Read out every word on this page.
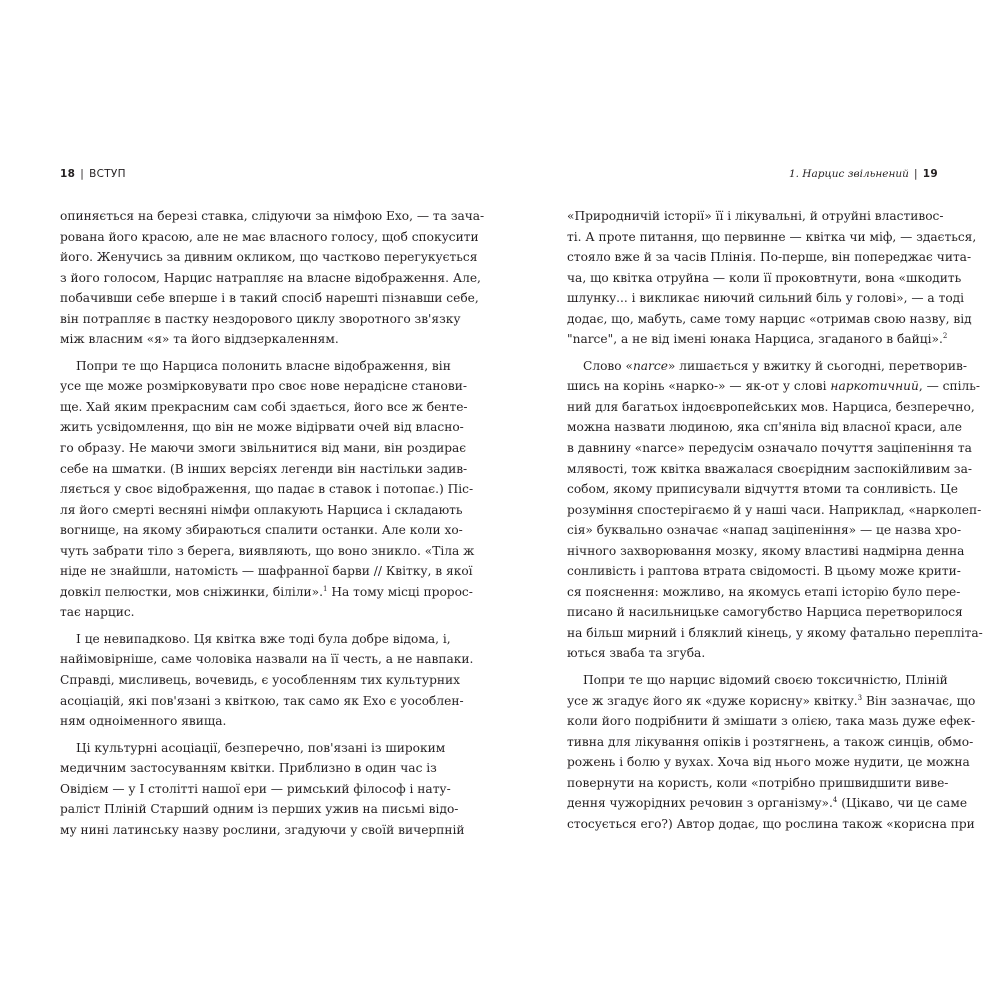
18 | ВСТУП
опиняється на березі ставка, слідуючи за німфою Ехо, — та зача-
рована його красою, але не має власного голосу, щоб спокусити
його. Женучись за дивним окликом, що частково перегукується
з його голосом, Нарцис натрапляє на власне відображення. Але,
побачивши себе вперше і в такий спосіб нарешті пізнавши себе,
він потрапляє в пастку нездорового циклу зворотного зв'язку
між власним «я» та його віддзеркаленням.
Попри те що Нарциса полонить власне відображення, він
усе ще може розмірковувати про своє нове нерадісне станови-
ще. Хай яким прекрасним сам собі здається, його все ж бенте-
жить усвідомлення, що він не може відірвати очей від власно-
го образу. Не маючи змоги звільнитися від мани, він роздирає
себе на шматки. (В інших версіях легенди він настільки задив-
ляється у своє відображення, що падає в ставок і потопає.) Піс-
ля його смерті весняні німфи оплакують Нарциса і складають
вогнище, на якому збираються спалити останки. Але коли хо-
чуть забрати тіло з берега, виявляють, що воно зникло. «Тіла ж
ніде не знайшли, натомість — шафранної барви // Квітку, в якої
довкіл пелюстки, мов сніжинки, біліли».$^1$ На тому місці пророс-
тає нарцис.
І це невипадково. Ця квітка вже тоді була добре відома, і,
найімовірніше, саме чоловіка назвали на її честь, а не навпаки.
Справді, мисливець, вочевидь, є уособленням тих культурних
асоціацій, які пов'язані з квіткою, так само як Ехо є уособлен-
ням одноіменного явища.
Ці культурні асоціації, безперечно, пов'язані із широким
медичним застосуванням квітки. Приблизно в один час із
Овідієм — у I столітті нашої ери — римський філософ і нату-
раліст Пліній Старший одним із перших ужив на письмі відо-
му нині латинську назву рослини, згадуючи у своїй вичерпній
1. Нарцис звільнений | 19
«Природничій історії» її і лікувальні, й отруйні властивос-
ті. А проте питання, що первинне — квітка чи міф, — здається,
стояло вже й за часів Плінія. По-перше, він попереджає чита-
ча, що квітка отруйна — коли її проковтнути, вона «шкодить
шлунку... і викликає ниючий сильний біль у голові», — а тоді
додає, що, мабуть, саме тому нарцис «отримав свою назву, від
"narce", а не від імені юнака Нарциса, згаданого в байці».$^2$
Слово «narce» лишається у вжитку й сьогодні, перетворив-
шись на корінь «нарко-» — як-от у слові наркотичний, — спіль-
ний для багатьох індоєвропейських мов. Нарциса, безперечно,
можна назвати людиною, яка сп'яніла від власної краси, але
в давнину «narce» передусім означало почуття заціпеніння та
млявості, тож квітка вважалася своєрідним заспокійливим за-
собом, якому приписували відчуття втоми та сонливість. Це
розуміння спостерігаємо й у наші часи. Наприклад, «нарколеп-
сія» буквально означає «напад заціпеніння» — це назва хро-
нічного захворювання мозку, якому властиві надмірна денна
сонливість і раптова втрата свідомості. В цьому може крити-
ся пояснення: можливо, на якомусь етапі історію було пере-
писано й насильницьке самогубство Нарциса перетворилося
на більш мирний і бляклий кінець, у якому фатально перепліта-
ються зваба та згуба.
Попри те що нарцис відомий своєю токсичністю, Пліній
усе ж згадує його як «дуже корисну» квітку.$^3$ Він зазначає, що
коли його подрібнити й змішати з олією, така мазь дуже ефек-
тивна для лікування опіків і розтягнень, а також синців, обмо-
рожень і болю у вухах. Хоча від нього може нудити, це можна
повернути на користь, коли «потрібно пришвидшити виве-
дення чужорідних речовин з організму».$^4$ (Цікаво, чи це саме
стосується его?) Автор додає, що рослина також «корисна при
